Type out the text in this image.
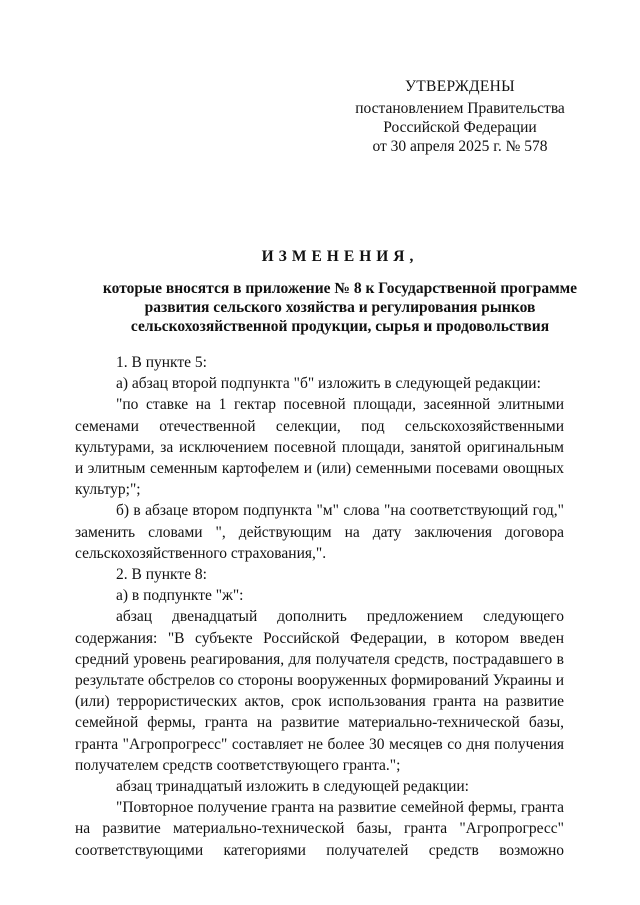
УТВЕРЖДЕНЫ
постановлением Правительства
Российской Федерации
от 30 апреля 2025 г. № 578
ИЗМЕНЕНИЯ,
которые вносятся в приложение № 8 к Государственной программе
развития сельского хозяйства и регулирования рынков
сельскохозяйственной продукции, сырья и продовольствия

1. В пункте 5:

а) абзац второй подпункта "б" изложить в следующей редакции:

"по ставке на 1 гектар посевной площади, засеянной элитными семенами отечественной селекции, под сельскохозяйственными культурами, за исключением посевной площади, занятой оригинальным и элитным семенным картофелем и (или) семенными посевами овощных культур;";

б) в абзаце втором подпункта "м" слова "на соответствующий год," заменить словами ", действующим на дату заключения договора сельскохозяйственного страхования,".

2. В пункте 8:

а) в подпункте "ж":

абзац двенадцатый дополнить предложением следующего содержания: "В субъекте Российской Федерации, в котором введен средний уровень реагирования, для получателя средств, пострадавшего в результате обстрелов со стороны вооруженных формирований Украины и (или) террористических актов, срок использования гранта на развитие семейной фермы, гранта на развитие материально-технической базы, гранта "Агропрогресс" составляет не более 30 месяцев со дня получения получателем средств соответствующего гранта.";

абзац тринадцатый изложить в следующей редакции:

"Повторное получение гранта на развитие семейной фермы, гранта на развитие материально-технической базы, гранта "Агропрогресс" соответствующими категориями получателей средств возможно
